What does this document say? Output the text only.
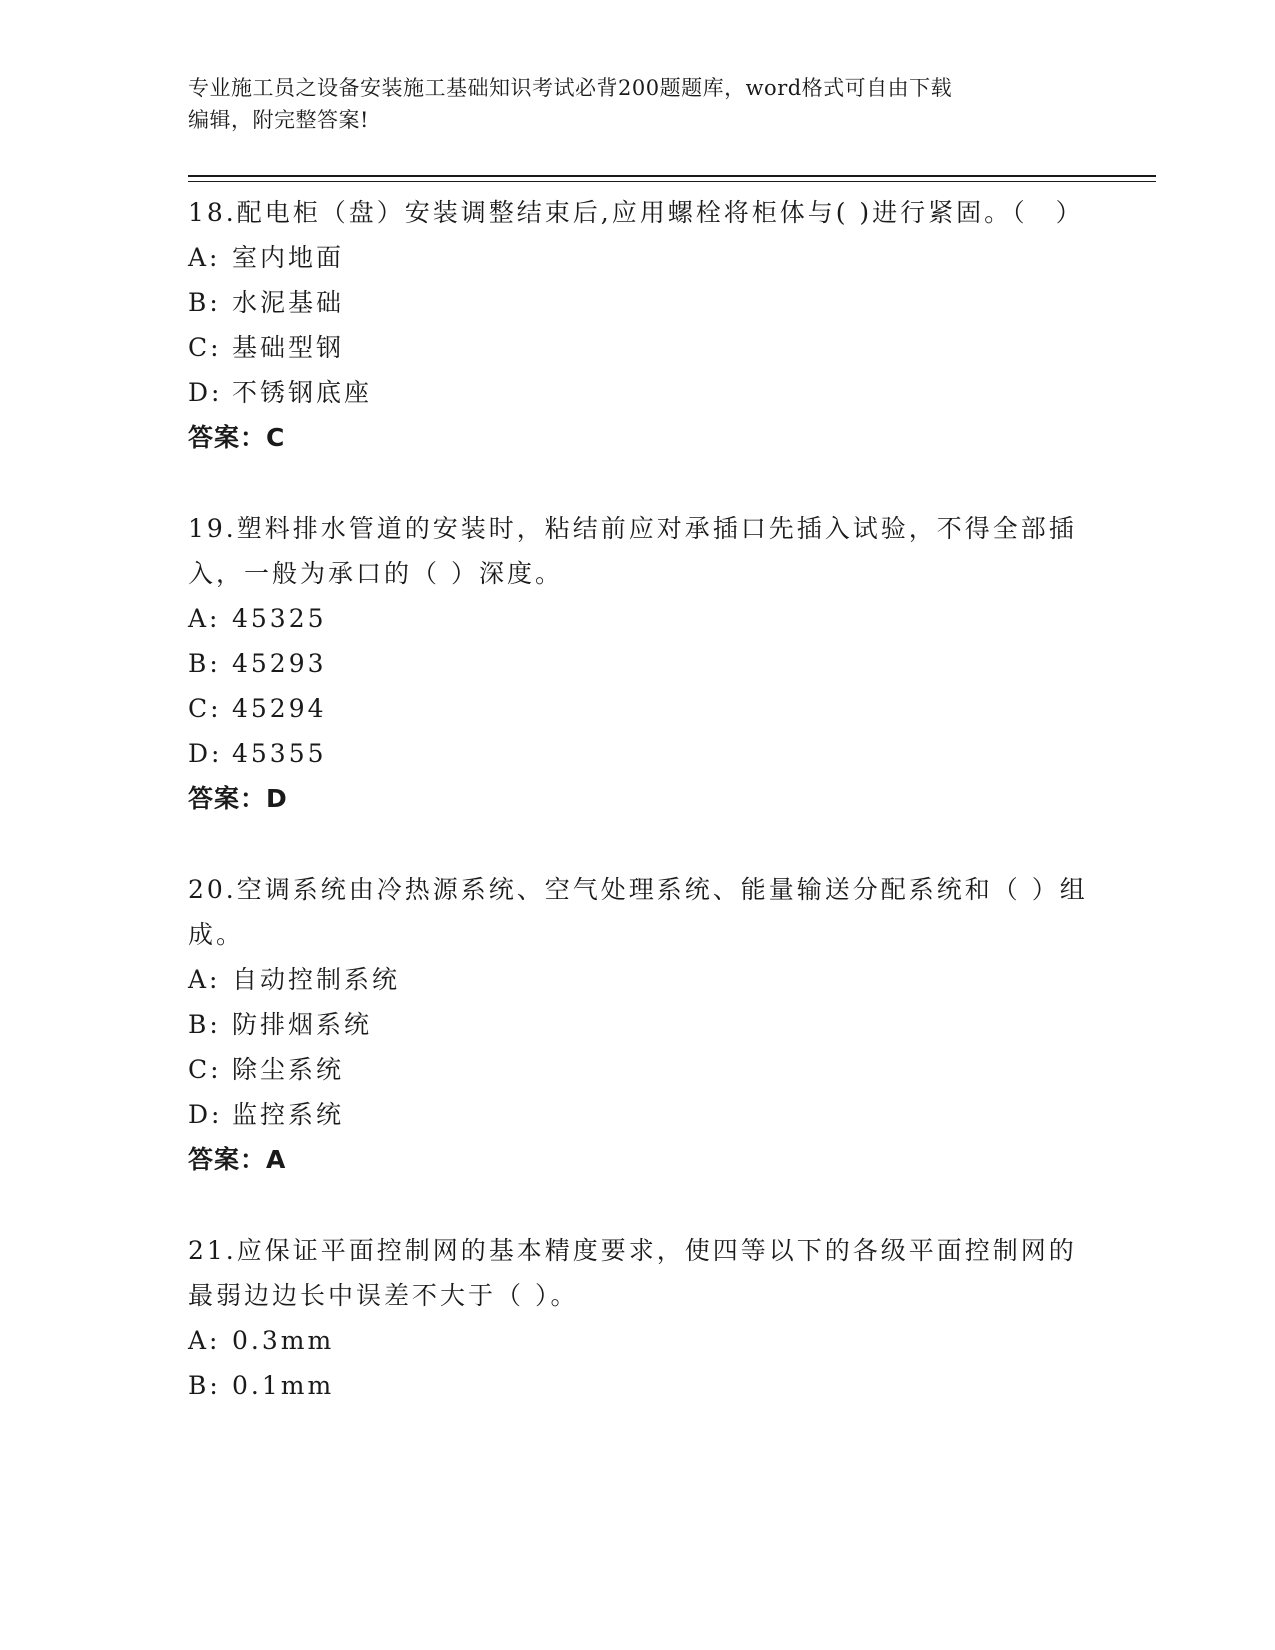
专业施工员之设备安装施工基础知识考试必背200题题库，word格式可自由下载
编辑，附完整答案!

18.配电柜（盘）安装调整结束后,应用螺栓将柜体与( )进行紧固。（　）

A: 室内地面

B: 水泥基础

C: 基础型钢

D: 不锈钢底座

答案：C

19.塑料排水管道的安装时，粘结前应对承插口先插入试验，不得全部插入，一般为承口的（ ）深度。

A: 45325

B: 45293

C: 45294

D: 45355

答案：D

20.空调系统由冷热源系统、空气处理系统、能量输送分配系统和（ ）组成。

A: 自动控制系统

B: 防排烟系统

C: 除尘系统

D: 监控系统

答案：A

21.应保证平面控制网的基本精度要求，使四等以下的各级平面控制网的最弱边边长中误差不大于（ ）。

A: 0.3mm

B: 0.1mm
